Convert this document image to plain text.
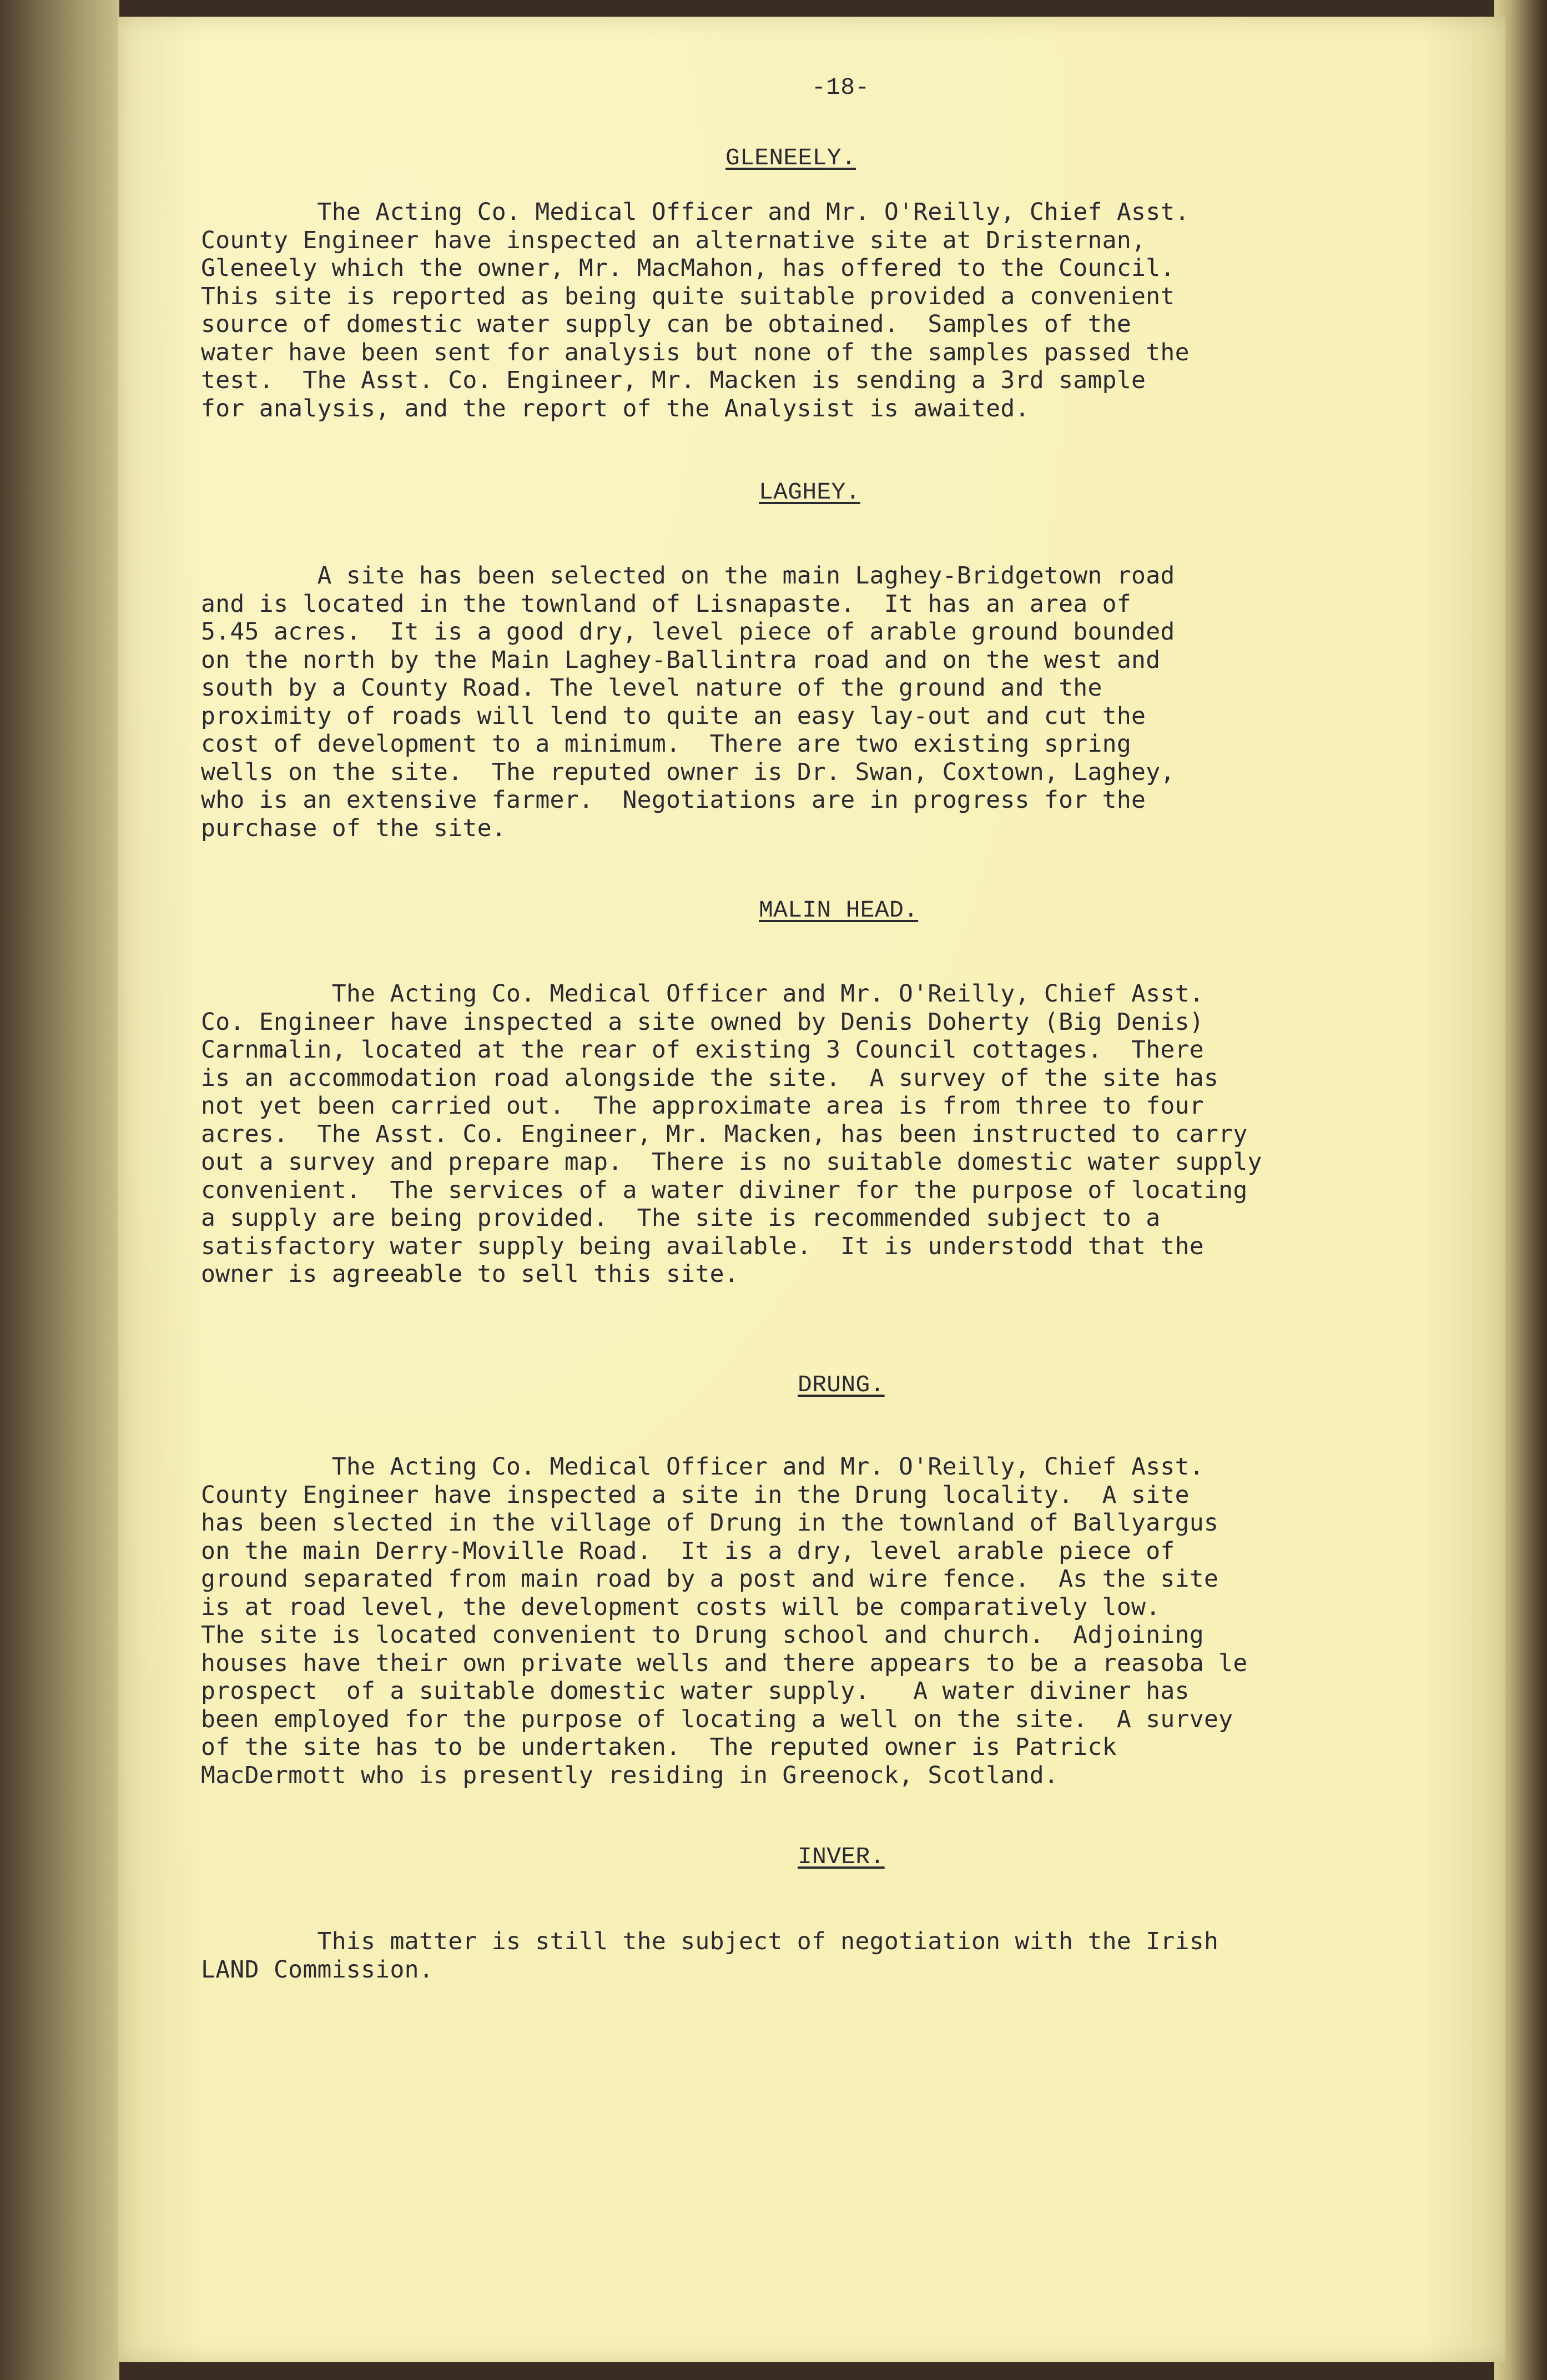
-18-
GLENEELY.
The Acting Co. Medical Officer and Mr. O'Reilly, Chief Asst.
County Engineer have inspected an alternative site at Dristernan,
Gleneely which the owner, Mr. MacMahon, has offered to the Council.
This site is reported as being quite suitable provided a convenient
source of domestic water supply can be obtained.  Samples of the
water have been sent for analysis but none of the samples passed the
test.  The Asst. Co. Engineer, Mr. Macken is sending a 3rd sample
for analysis, and the report of the Analysist is awaited.
LAGHEY.
A site has been selected on the main Laghey-Bridgetown road
and is located in the townland of Lisnapaste.  It has an area of
5.45 acres.  It is a good dry, level piece of arable ground bounded
on the north by the Main Laghey-Ballintra road and on the west and
south by a County Road. The level nature of the ground and the
proximity of roads will lend to quite an easy lay-out and cut the
cost of development to a minimum.  There are two existing spring
wells on the site.  The reputed owner is Dr. Swan, Coxtown, Laghey,
who is an extensive farmer.  Negotiations are in progress for the
purchase of the site.
MALIN HEAD.
The Acting Co. Medical Officer and Mr. O'Reilly, Chief Asst.
Co. Engineer have inspected a site owned by Denis Doherty (Big Denis)
Carnmalin, located at the rear of existing 3 Council cottages.  There
is an accommodation road alongside the site.  A survey of the site has
not yet been carried out.  The approximate area is from three to four
acres.  The Asst. Co. Engineer, Mr. Macken, has been instructed to carry
out a survey and prepare map.  There is no suitable domestic water supply
convenient.  The services of a water diviner for the purpose of locating
a supply are being provided.  The site is recommended subject to a
satisfactory water supply being available.  It is understodd that the
owner is agreeable to sell this site.
DRUNG.
The Acting Co. Medical Officer and Mr. O'Reilly, Chief Asst.
County Engineer have inspected a site in the Drung locality.  A site
has been slected in the village of Drung in the townland of Ballyargus
on the main Derry-Moville Road.  It is a dry, level arable piece of
ground separated from main road by a post and wire fence.  As the site
is at road level, the development costs will be comparatively low.
The site is located convenient to Drung school and church.  Adjoining
houses have their own private wells and there appears to be a reasoba le
prospect  of a suitable domestic water supply.   A water diviner has
been employed for the purpose of locating a well on the site.  A survey
of the site has to be undertaken.  The reputed owner is Patrick
MacDermott who is presently residing in Greenock, Scotland.
INVER.
This matter is still the subject of negotiation with the Irish
LAND Commission.
